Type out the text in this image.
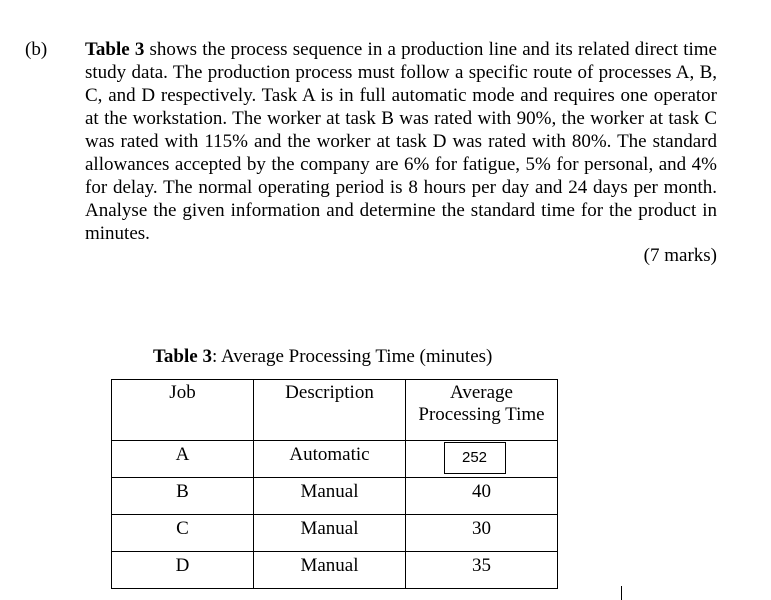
(b) Table 3 shows the process sequence in a production line and its related direct time study data. The production process must follow a specific route of processes A, B, C, and D respectively. Task A is in full automatic mode and requires one operator at the workstation. The worker at task B was rated with 90%, the worker at task C was rated with 115% and the worker at task D was rated with 80%. The standard allowances accepted by the company are 6% for fatigue, 5% for personal, and 4% for delay. The normal operating period is 8 hours per day and 24 days per month. Analyse the given information and determine the standard time for the product in minutes.
(7 marks)
Table 3: Average Processing Time (minutes)
Job	Description	Average
Processing Time

A	Automatic	252
B	Manual	40
C	Manual	30
D	Manual	35
